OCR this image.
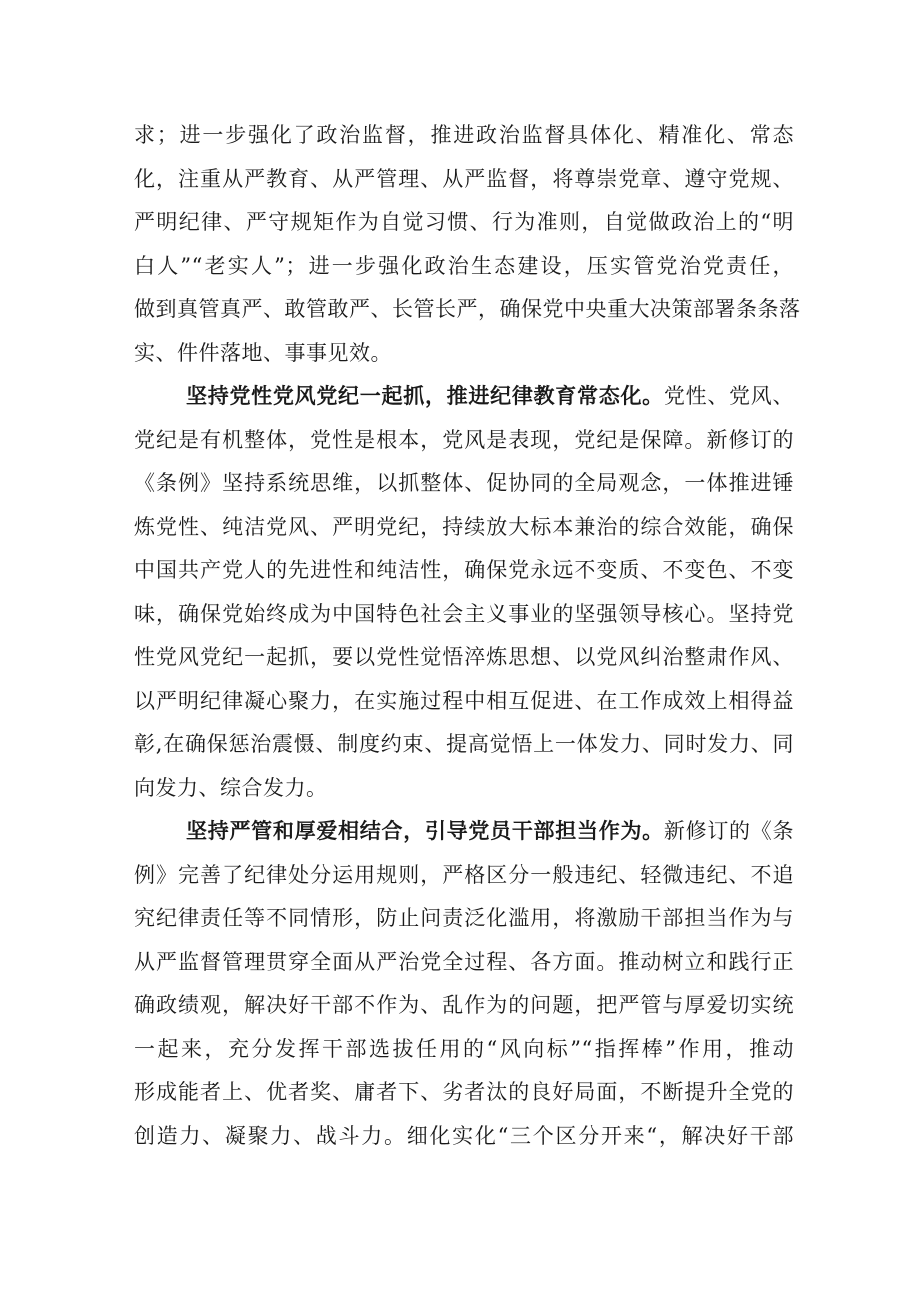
求；进一步强化了政治监督，推进政治监督具体化、精准化、常态
化，注重从严教育、从严管理、从严监督，将尊崇党章、遵守党规、
严明纪律、严守规矩作为自觉习惯、行为准则，自觉做政治上的“明
白人”“老实人”；进一步强化政治生态建设，压实管党治党责任，
做到真管真严、敢管敢严、长管长严，确保党中央重大决策部署条条落
实、件件落地、事事见效。
坚持党性党风党纪一起抓，推进纪律教育常态化。党性、党风、
党纪是有机整体，党性是根本，党风是表现，党纪是保障。新修订的
《条例》坚持系统思维，以抓整体、促协同的全局观念，一体推进锤
炼党性、纯洁党风、严明党纪，持续放大标本兼治的综合效能，确保
中国共产党人的先进性和纯洁性，确保党永远不变质、不变色、不变
味，确保党始终成为中国特色社会主义事业的坚强领导核心。坚持党
性党风党纪一起抓，要以党性觉悟淬炼思想、以党风纠治整肃作风、
以严明纪律凝心聚力，在实施过程中相互促进、在工作成效上相得益
彰,在确保惩治震慑、制度约束、提高觉悟上一体发力、同时发力、同
向发力、综合发力。
坚持严管和厚爱相结合，引导党员干部担当作为。新修订的《条
例》完善了纪律处分运用规则，严格区分一般违纪、轻微违纪、不追
究纪律责任等不同情形，防止问责泛化滥用，将激励干部担当作为与
从严监督管理贯穿全面从严治党全过程、各方面。推动树立和践行正
确政绩观，解决好干部不作为、乱作为的问题，把严管与厚爱切实统
一起来，充分发挥干部选拔任用的“风向标”“指挥棒”作用，推动
形成能者上、优者奖、庸者下、劣者汰的良好局面，不断提升全党的
创造力、凝聚力、战斗力。细化实化“三个区分开来“，解决好干部
